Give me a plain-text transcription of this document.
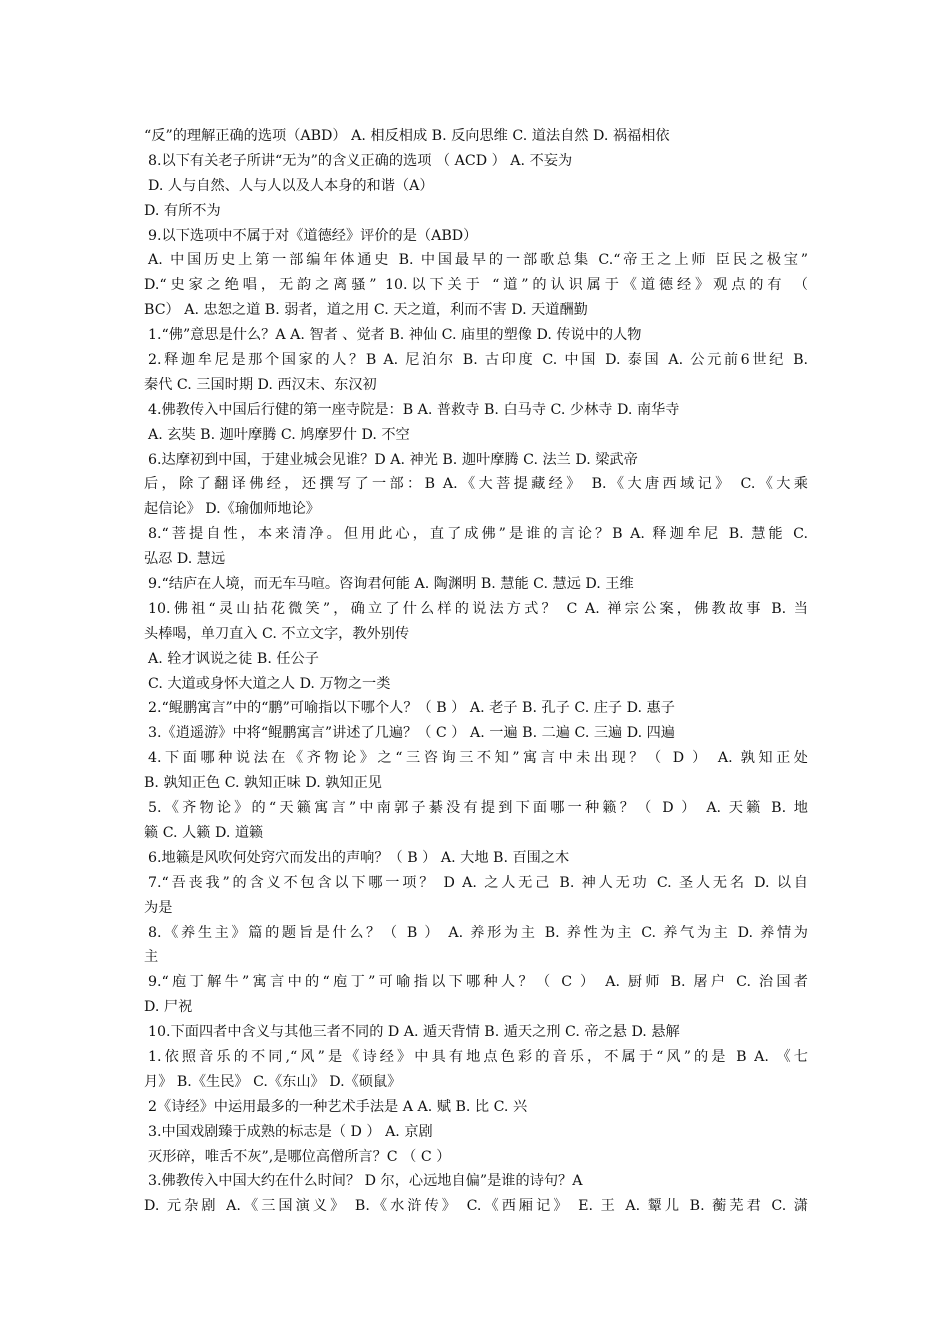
“反”的理解正确的选项（ABD） A. 相反相成 B. 反向思维 C. 道法自然 D. 祸福相依
8.以下有关老子所讲“无为”的含义正确的选项 （ ACD ） A. 不妄为
D. 人与自然、人与人以及人本身的和谐（A）
D. 有所不为
9.以下选项中不属于对《道德经》评价的是（ABD）
A. 中国历史上第一部编年体通史 B. 中国最早的一部歌总集 C.“帝王之上师 臣民之极宝”
D.“史家之绝唱，无韵之离骚” 10.以下关于 “道”的认识属于《道德经》观点的有 （
BC） A. 忠恕之道 B. 弱者，道之用 C. 天之道，利而不害 D. 天道酬勤
1.“佛”意思是什么？A A. 智者 、觉者 B. 神仙 C. 庙里的塑像 D. 传说中的人物
2.释迦牟尼是那个国家的人？B A. 尼泊尔 B. 古印度 C. 中国 D. 泰国 A. 公元前6世纪 B.
秦代 C. 三国时期 D. 西汉末、东汉初
4.佛教传入中国后行健的第一座寺院是：B A. 普救寺 B. 白马寺 C. 少林寺 D. 南华寺
A. 玄奘 B. 迦叶摩腾 C. 鸠摩罗什 D. 不空
6.达摩初到中国，于建业城会见谁？D A. 神光 B. 迦叶摩腾 C. 法兰 D. 梁武帝
后，除了翻译佛经，还撰写了一部：B A.《大菩提藏经》 B.《大唐西域记》 C.《大乘
起信论》 D.《瑜伽师地论》
8.“菩提自性，本来清净。但用此心，直了成佛”是谁的言论？B A. 释迦牟尼 B. 慧能 C.
弘忍 D. 慧远
9.“结庐在人境，而无车马喧。咨询君何能 A. 陶渊明 B. 慧能 C. 慧远 D. 王维
10.佛祖“灵山拈花微笑”，确立了什么样的说法方式？ C A. 禅宗公案，佛教故事 B. 当
头棒喝，单刀直入 C. 不立文字，教外别传
A. 辁才讽说之徒 B. 任公子
C. 大道或身怀大道之人 D. 万物之一类
2.“鲲鹏寓言”中的“鹏”可喻指以下哪个人？（ B ） A. 老子 B. 孔子 C. 庄子 D. 惠子
3.《逍遥游》中将“鲲鹏寓言”讲述了几遍？（ C ） A. 一遍 B. 二遍 C. 三遍 D. 四遍
4.下面哪种说法在《齐物论》之“三咨询三不知”寓言中未出现？（ D ） A. 孰知正处
B. 孰知正色 C. 孰知正味 D. 孰知正见
5.《齐物论》的“天籁寓言”中南郭子綦没有提到下面哪一种籁？（ D ） A. 天籁 B. 地
籁 C. 人籁 D. 道籁
6.地籁是风吹何处窍穴而发出的声响？（ B ） A. 大地 B. 百围之木
7.“吾丧我”的含义不包含以下哪一项？ D A. 之人无己 B. 神人无功 C. 圣人无名 D. 以自
为是
8.《养生主》篇的题旨是什么？（ B ） A. 养形为主 B. 养性为主 C. 养气为主 D. 养情为
主
9.“庖丁解牛”寓言中的“庖丁”可喻指以下哪种人？（ C ） A. 厨师 B. 屠户 C. 治国者
D. 尸祝
10.下面四者中含义与其他三者不同的 D A. 遁天背情 B. 遁天之刑 C. 帝之悬 D. 悬解
1.依照音乐的不同,“风”是《诗经》中具有地点色彩的音乐，不属于“风”的是 B A. 《七
月》 B.《生民》 C.《东山》 D.《硕鼠》
2《诗经》中运用最多的一种艺术手法是 A A. 赋 B. 比 C. 兴
3.中国戏剧臻于成熟的标志是（ D ） A. 京剧
灭形碎，唯舌不灰”,是哪位高僧所言？C （ C ）
3.佛教传入中国大约在什么时间？ D 尔，心远地自偏”是谁的诗句？A
D. 元杂剧 A.《三国演义》 B.《水浒传》 C.《西厢记》 E. 王 A. 颦儿 B. 蘅芜君 C. 潇
